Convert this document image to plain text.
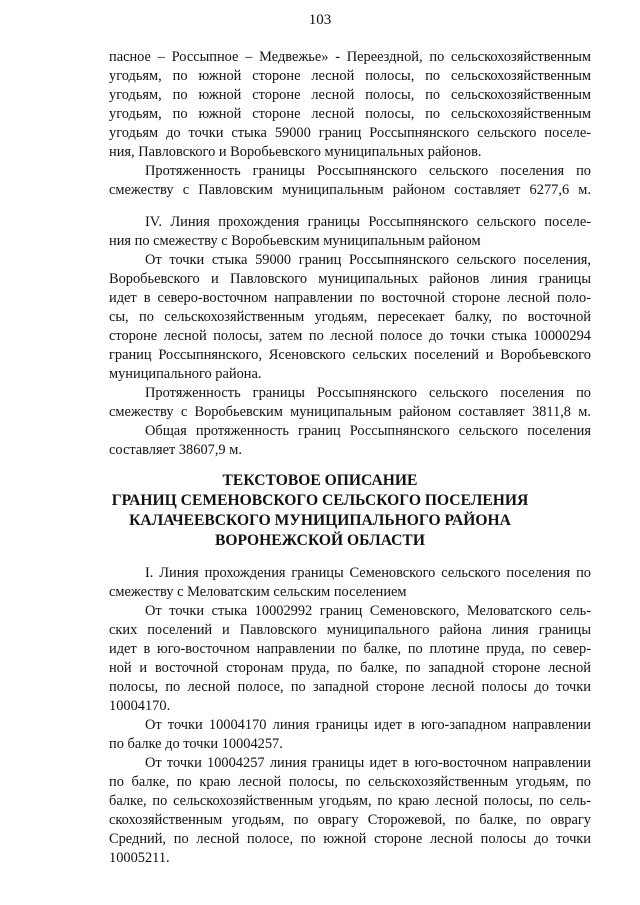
103
пасное – Россыпное – Медвежье» - Переездной, по сельскохозяйственным
угодьям, по южной стороне лесной полосы, по сельскохозяйственным
угодьям, по южной стороне лесной полосы, по сельскохозяйственным
угодьям, по южной стороне лесной полосы, по сельскохозяйственным
угодьям до точки стыка 59000 границ Россыпнянского сельского поселе-
ния, Павловского и Воробьевского муниципальных районов.
Протяженность границы Россыпнянского сельского поселения по
смежеству с Павловским муниципальным районом составляет 6277,6 м.
IV. Линия прохождения границы Россыпнянского сельского поселе-
ния по смежеству с Воробьевским муниципальным районом
От точки стыка 59000 границ Россыпнянского сельского поселения,
Воробьевского и Павловского муниципальных районов линия границы
идет в северо-восточном направлении по восточной стороне лесной поло-
сы, по сельскохозяйственным угодьям, пересекает балку, по восточной
стороне лесной полосы, затем по лесной полосе до точки стыка 10000294
границ Россыпнянского, Ясеновского сельских поселений и Воробьевского
муниципального района.
Протяженность границы Россыпнянского сельского поселения по
смежеству с Воробьевским муниципальным районом составляет 3811,8 м.
Общая протяженность границ Россыпнянского сельского поселения
составляет 38607,9 м.
ТЕКСТОВОЕ ОПИСАНИЕ
ГРАНИЦ СЕМЕНОВСКОГО СЕЛЬСКОГО ПОСЕЛЕНИЯ
КАЛАЧЕЕВСКОГО МУНИЦИПАЛЬНОГО РАЙОНА
ВОРОНЕЖСКОЙ ОБЛАСТИ
I. Линия прохождения границы Семеновского сельского поселения по
смежеству с Меловатским сельским поселением
От точки стыка 10002992 границ Семеновского, Меловатского сель-
ских поселений и Павловского муниципального района линия границы
идет в юго-восточном направлении по балке, по плотине пруда, по север-
ной и восточной сторонам пруда, по балке, по западной стороне лесной
полосы, по лесной полосе, по западной стороне лесной полосы до точки
10004170.
От точки 10004170 линия границы идет в юго-западном направлении
по балке до точки 10004257.
От точки 10004257 линия границы идет в юго-восточном направлении
по балке, по краю лесной полосы, по сельскохозяйственным угодьям, по
балке, по сельскохозяйственным угодьям, по краю лесной полосы, по сель-
скохозяйственным угодьям, по оврагу Сторожевой, по балке, по оврагу
Средний, по лесной полосе, по южной стороне лесной полосы до точки
10005211.
